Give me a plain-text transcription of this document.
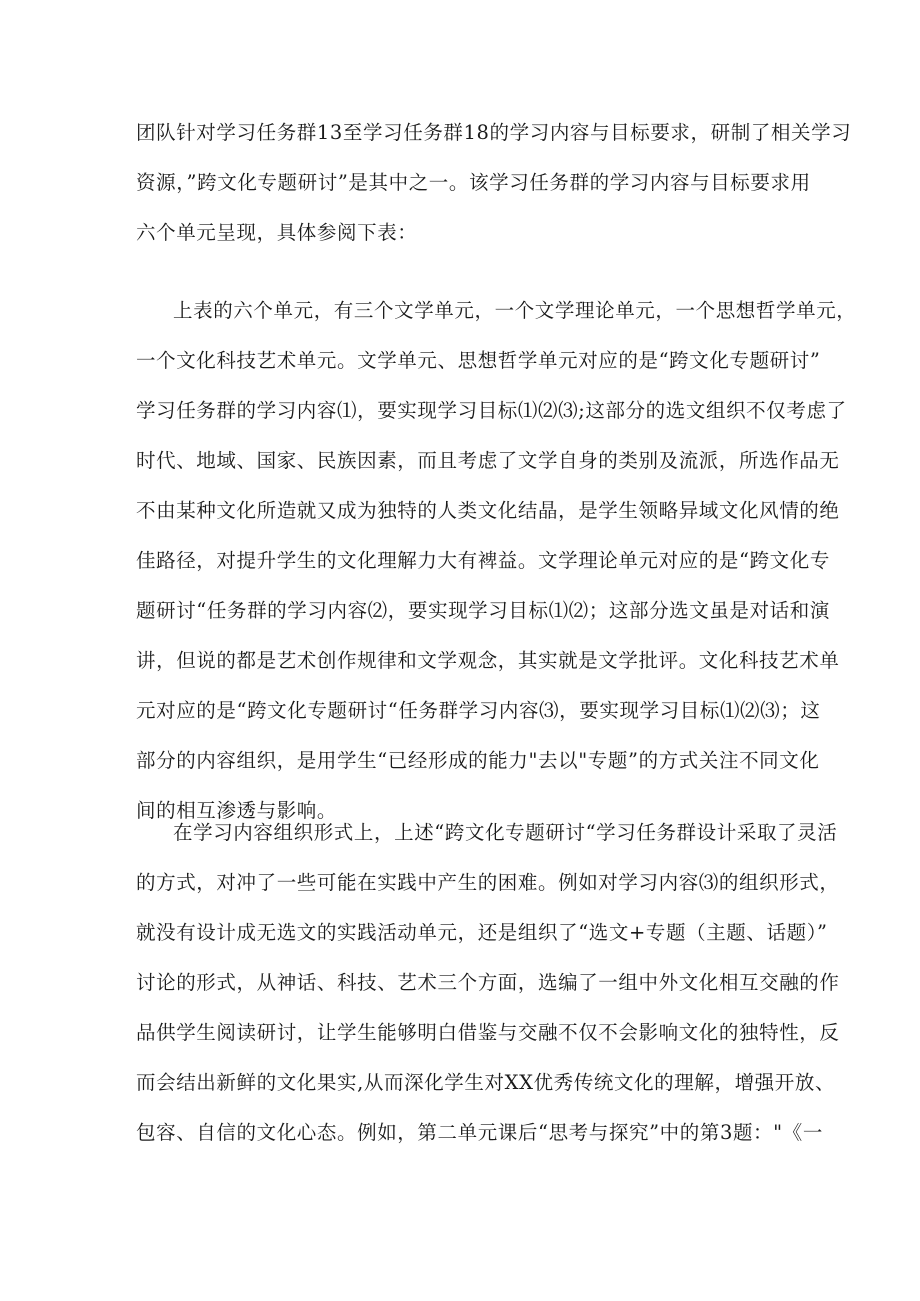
团队针对学习任务群13至学习任务群18的学习内容与目标要求，研制了相关学习
资源，”跨文化专题研讨”是其中之一。该学习任务群的学习内容与目标要求用
六个单元呈现，具体参阅下表：
上表的六个单元，有三个文学单元，一个文学理论单元，一个思想哲学单元，
一个文化科技艺术单元。文学单元、思想哲学单元对应的是“跨文化专题研讨”
学习任务群的学习内容⑴，要实现学习目标⑴⑵⑶;这部分的选文组织不仅考虑了
时代、地域、国家、民族因素，而且考虑了文学自身的类别及流派，所选作品无
不由某种文化所造就又成为独特的人类文化结晶，是学生领略异域文化风情的绝
佳路径，对提升学生的文化理解力大有裨益。文学理论单元对应的是“跨文化专
题研讨“任务群的学习内容⑵，要实现学习目标⑴⑵；这部分选文虽是对话和演
讲，但说的都是艺术创作规律和文学观念，其实就是文学批评。文化科技艺术单
元对应的是“跨文化专题研讨“任务群学习内容⑶，要实现学习目标⑴⑵⑶；这
部分的内容组织，是用学生“已经形成的能力"去以"专题”的方式关注不同文化
间的相互渗透与影响。
在学习内容组织形式上，上述“跨文化专题研讨“学习任务群设计采取了灵活
的方式，对冲了一些可能在实践中产生的困难。例如对学习内容⑶的组织形式，
就没有设计成无选文的实践活动单元，还是组织了“选文+专题（主题、话题）”
讨论的形式，从神话、科技、艺术三个方面，选编了一组中外文化相互交融的作
品供学生阅读研讨，让学生能够明白借鉴与交融不仅不会影响文化的独特性，反
而会结出新鲜的文化果实,从而深化学生对XX优秀传统文化的理解，增强开放、
包容、自信的文化心态。例如，第二单元课后“思考与探究”中的第3题："《一
